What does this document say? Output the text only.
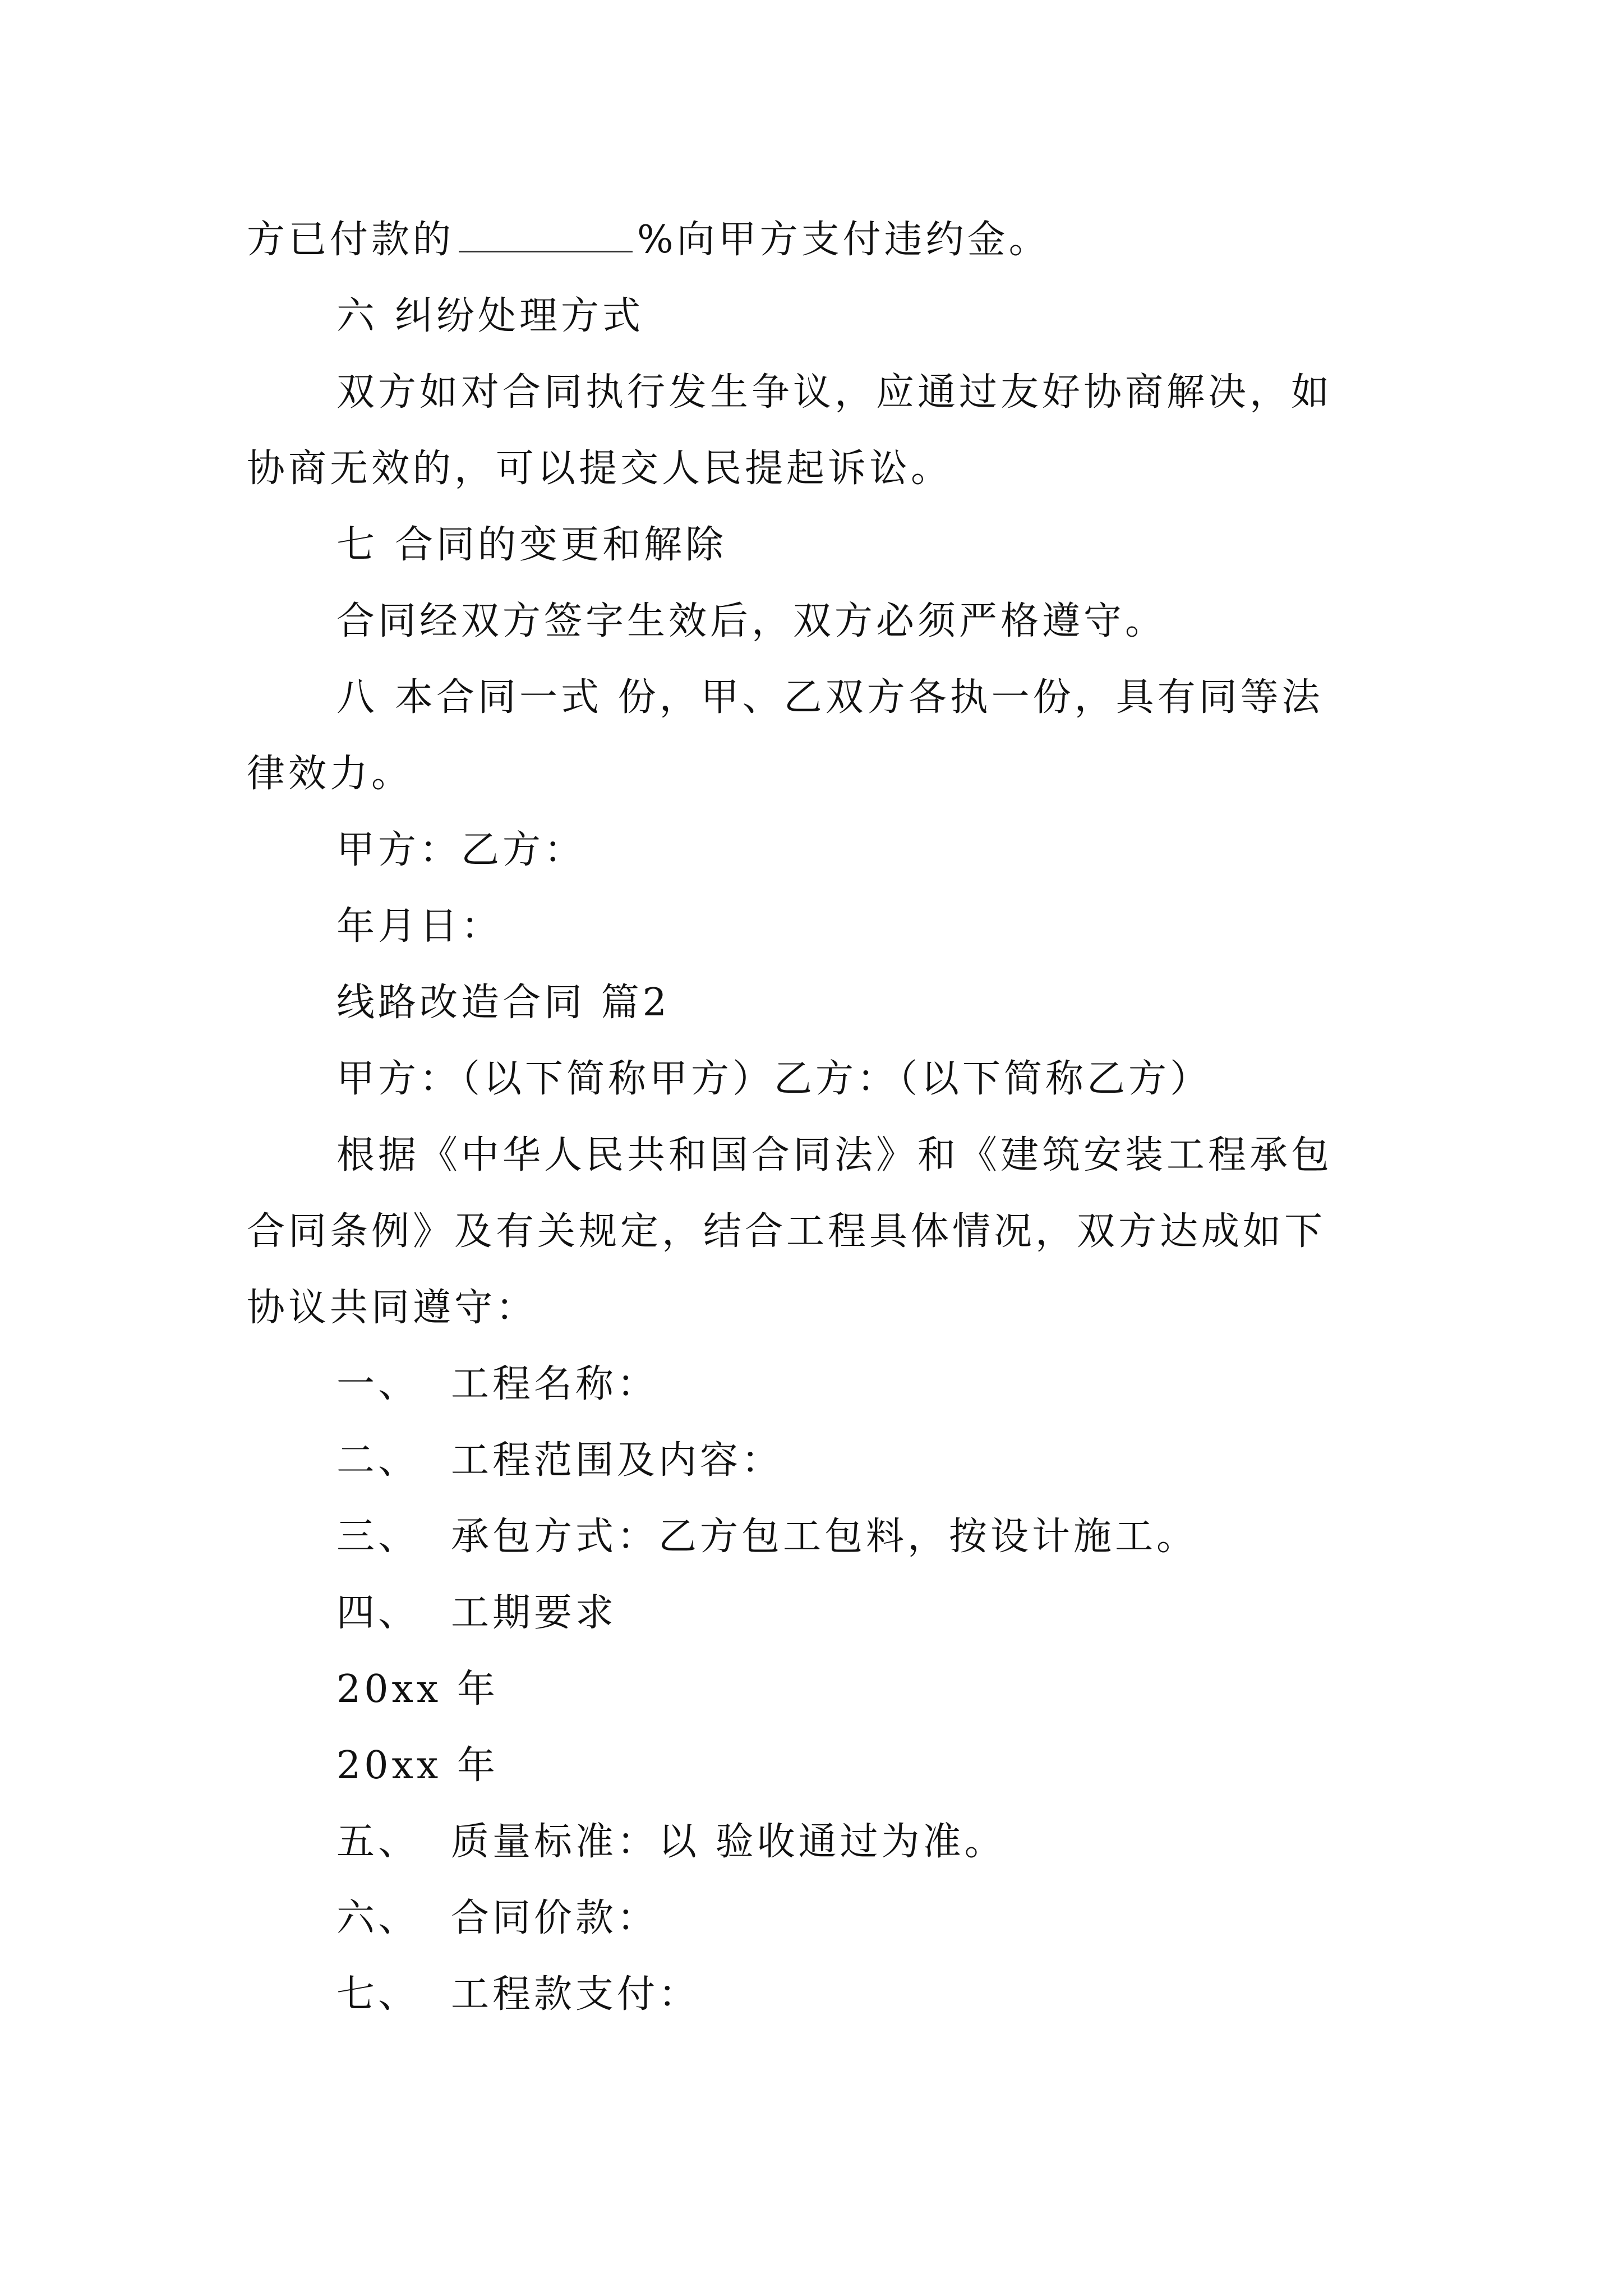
方已付款的	%向甲方支付违约金。
六 纠纷处理方式
双方如对合同执行发生争议，应通过友好协商解决，如
协商无效的，可以提交人民提起诉讼。
七 合同的变更和解除
合同经双方签字生效后，双方必须严格遵守。
八 本合同一式 份，甲、乙双方各执一份，具有同等法
律效力。
甲方：乙方：
年月日：
线路改造合同 篇2
甲方：（以下简称甲方）乙方：（以下简称乙方）
根据《中华人民共和国合同法》和《建筑安装工程承包
合同条例》及有关规定，结合工程具体情况，双方达成如下
协议共同遵守：
一、 工程名称：
二、 工程范围及内容：
三、 承包方式：乙方包工包料，按设计施工。
四、 工期要求
20xx 年
20xx 年
五、 质量标准：以 验收通过为准。
六、 合同价款：
七、 工程款支付：
